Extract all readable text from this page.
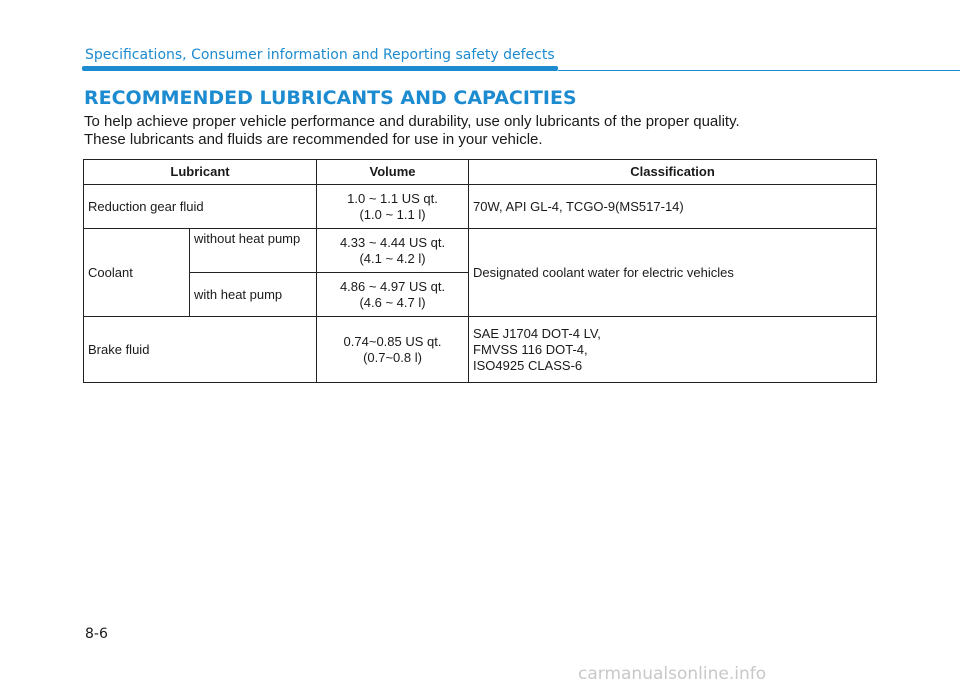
Specifications, Consumer information and Reporting safety defects
RECOMMENDED LUBRICANTS AND CAPACITIES

To help achieve proper vehicle performance and durability, use only lubricants of the proper quality.

These lubricants and fluids are recommended for use in your vehicle.

Lubricant		Volume	Classification
Reduction gear fluid		1.0 ~ 1.1 US qt.
(1.0 ~ 1.1 l)	70W, API GL-4, TCGO-9(MS517-14)

Coolant	without heat pump	4.33 ~ 4.44 US qt.
(4.1 ~ 4.2 l)	Designated coolant water for electric vehicles

	with heat pump	4.86 ~ 4.97 US qt.
(4.6 ~ 4.7 l)	

Brake fluid		0.74~0.85 US qt.
(0.7~0.8 l)	SAE J1704 DOT-4 LV,
FMVSS 116 DOT-4,
ISO4925 CLASS-6
8-6
carmanualsonline.info
